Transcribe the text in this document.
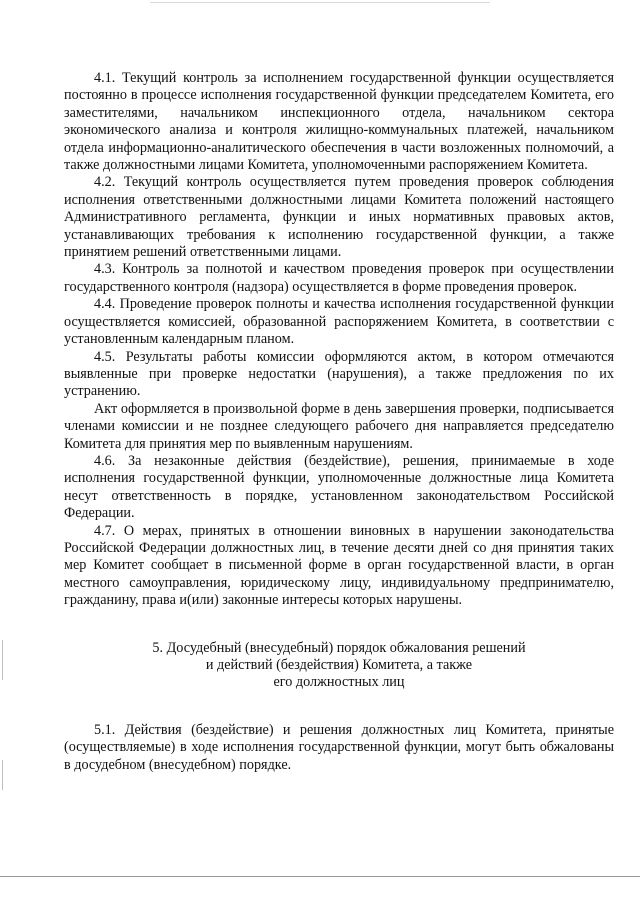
4.1. Текущий контроль за исполнением государственной функции осуществляется постоянно в процессе исполнения государственной функции председателем Комитета, его заместителями, начальником инспекционного отдела, начальником сектора экономического анализа и контроля жилищно-коммунальных платежей, начальником отдела информационно-аналитического обеспечения в части возложенных полномочий, а также должностными лицами Комитета, уполномоченными распоряжением Комитета.

4.2. Текущий контроль осуществляется путем проведения проверок соблюдения исполнения ответственными должностными лицами Комитета положений настоящего Административного регламента, функции и иных нормативных правовых актов, устанавливающих требования к исполнению государственной функции, а также принятием решений ответственными лицами.

4.3. Контроль за полнотой и качеством проведения проверок при осуществлении государственного контроля (надзора) осуществляется в форме проведения проверок.

4.4. Проведение проверок полноты и качества исполнения государственной функции осуществляется комиссией, образованной распоряжением Комитета, в соответствии с установленным календарным планом.

4.5. Результаты работы комиссии оформляются актом, в котором отмечаются выявленные при проверке недостатки (нарушения), а также предложения по их устранению.

Акт оформляется в произвольной форме в день завершения проверки, подписывается членами комиссии и не позднее следующего рабочего дня направляется председателю Комитета для принятия мер по выявленным нарушениям.

4.6. За незаконные действия (бездействие), решения, принимаемые в ходе исполнения государственной функции, уполномоченные должностные лица Комитета несут ответственность в порядке, установленном законодательством Российской Федерации.

4.7. О мерах, принятых в отношении виновных в нарушении законодательства Российской Федерации должностных лиц, в течение десяти дней со дня принятия таких мер Комитет сообщает в письменной форме в орган государственной власти, в орган местного самоуправления, юридическому лицу, индивидуальному предпринимателю, гражданину, права и(или) законные интересы которых нарушены.

5. Досудебный (внесудебный) порядок обжалования решений
и действий (бездействия) Комитета, а также
его должностных лиц

5.1. Действия (бездействие) и решения должностных лиц Комитета, принятые (осуществляемые) в ходе исполнения государственной функции, могут быть обжалованы в досудебном (внесудебном) порядке.
